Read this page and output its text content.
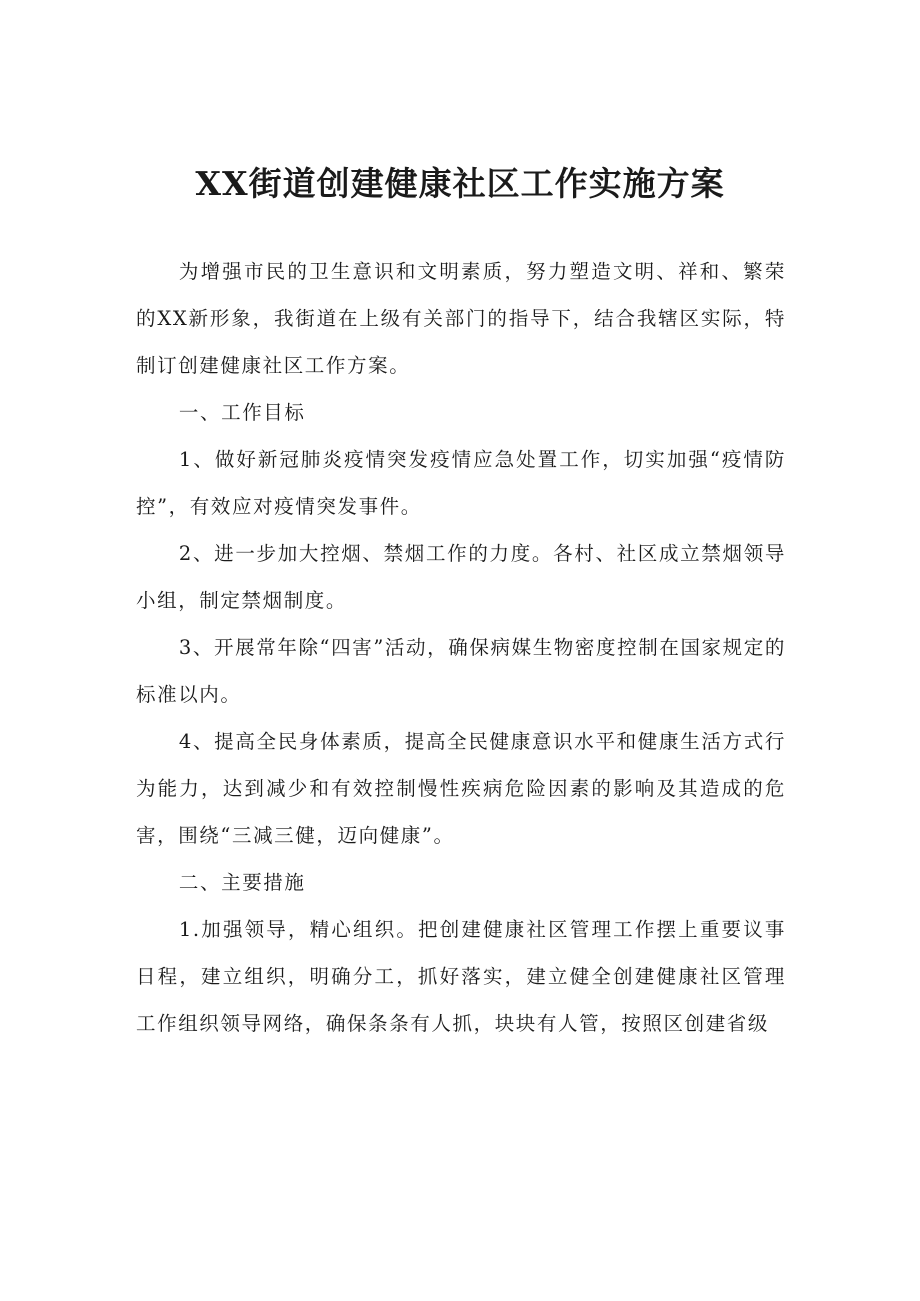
XX街道创建健康社区工作实施方案

为增强市民的卫生意识和文明素质，努力塑造文明、祥和、繁荣的XX新形象，我街道在上级有关部门的指导下，结合我辖区实际，特制订创建健康社区工作方案。

一、工作目标

1、做好新冠肺炎疫情突发疫情应急处置工作，切实加强“疫情防控”，有效应对疫情突发事件。

2、进一步加大控烟、禁烟工作的力度。各村、社区成立禁烟领导小组，制定禁烟制度。

3、开展常年除“四害”活动，确保病媒生物密度控制在国家规定的标准以内。

4、提高全民身体素质，提高全民健康意识水平和健康生活方式行为能力，达到减少和有效控制慢性疾病危险因素的影响及其造成的危害，围绕“三减三健，迈向健康”。

二、主要措施

1.加强领导，精心组织。把创建健康社区管理工作摆上重要议事日程，建立组织，明确分工，抓好落实，建立健全创建健康社区管理工作组织领导网络，确保条条有人抓，块块有人管，按照区创建省级
